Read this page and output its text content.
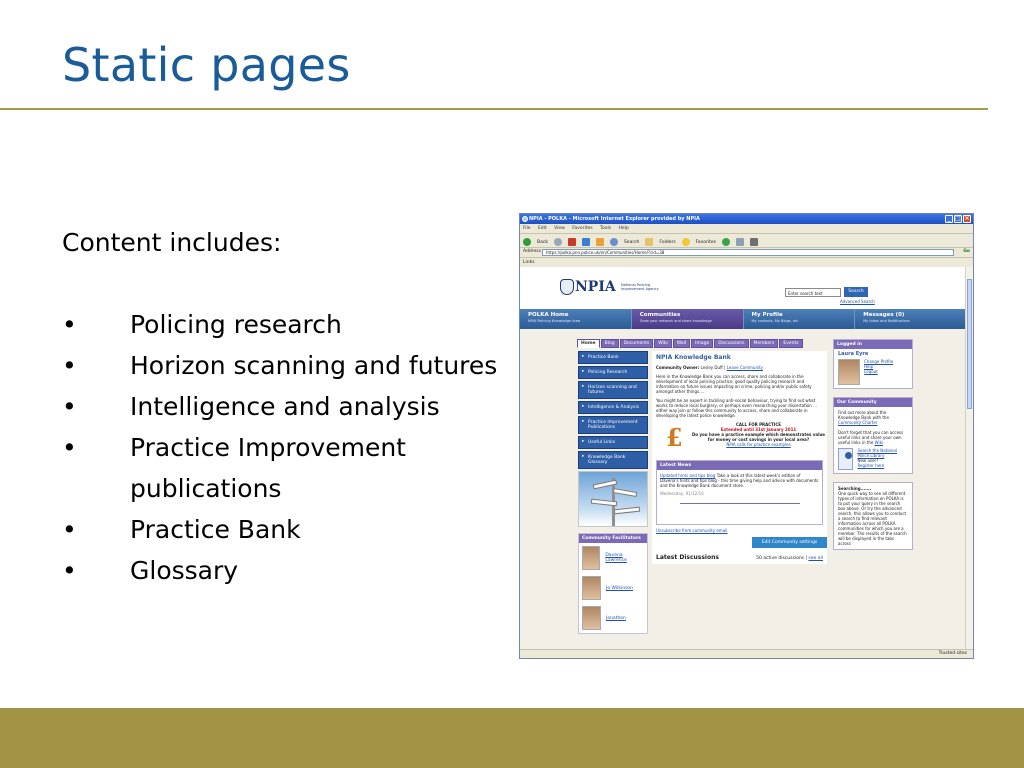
Static pages
Content includes:
• Policing research
• Horizon scanning and futures
• Intelligence and analysis
• Practice Improvement publications
• Practice Bank
• Glossary
NPIA - POLKA - Microsoft Internet Explorer provided by NPIA	_ □ ×
File Edit View Favorites Tools Help
Back	Search	Folders	Favorites
Address	https://polka.pnn.police.uk/en/Communities/Home/?cid=38	Go
Links
NPIA National Policing Improvement Agency
Enter search text	Search
Advanced Search
POLKA Home
NPIA Policing Knowledge Area
Communities
Grow your network and share knowledge
My Profile
My contacts, My Blogs, etc
Messages (0)
My Inbox and Notifications
Home	Blog	Documents	Wiki	Wall	Image	Discussions	Members	Events
▸ Practice Bank
▸ Policing Research
▸ Horizon scanning and futures
▸ Intelligence & Analysis
▸ Practice Improvement Publications
▸ Useful Links
▸ Knowledge Bank Glossary
Community Facilitators
Davena Lawrence
Jo Wilkinson
Jonathon
NPIA Knowledge Bank
Community Owner: Lesley Duff | Leave Community

Here in the Knowledge Bank you can access, share and collaborate in the development of local policing practice, good quality policing research and information on future issues impacting on crime, policing and/or public safety amongst other things....

You might be an expert in tackling anti-social behaviour, trying to find out what works to reduce local burglary, or perhaps even researching your dissertation ... either way join or follow this community to access, share and collaborate in developing the latest police knowledge.

£	CALL FOR PRACTICE
Extended until 31st January 2011
Do you have a practice example which demonstrates value for money or cost savings in your local area?
NPIA calls for practice examples
Latest News
Updated hints and tips blog Take a look at this latest week's edition of Davena's hints and tips blog - this time giving help and advice with documents and the Knowledge Bank document store.
Wednesday, 01/12/10
Unsubscribe from community email
Edit Community settings
Latest Discussions	50 active discussions | see all
Logged in
Laura Eyre
Change Profile
Help
Logout
Our Community
Find out more about the Knowledge Bank with the Community Charter

Don't forget that you can access useful links and share your own useful links in the Wiki
Search the National Police Library
New user?
Register here
Searching.......
One quick way to see all different types of information on POLKA is to put your query in the search box above. Or try the advanced search, this allows you to conduct a search to find relevant information across all POLKA communities for which you are a member. The results of the search will be displayed in the tabs across
Trusted sites
